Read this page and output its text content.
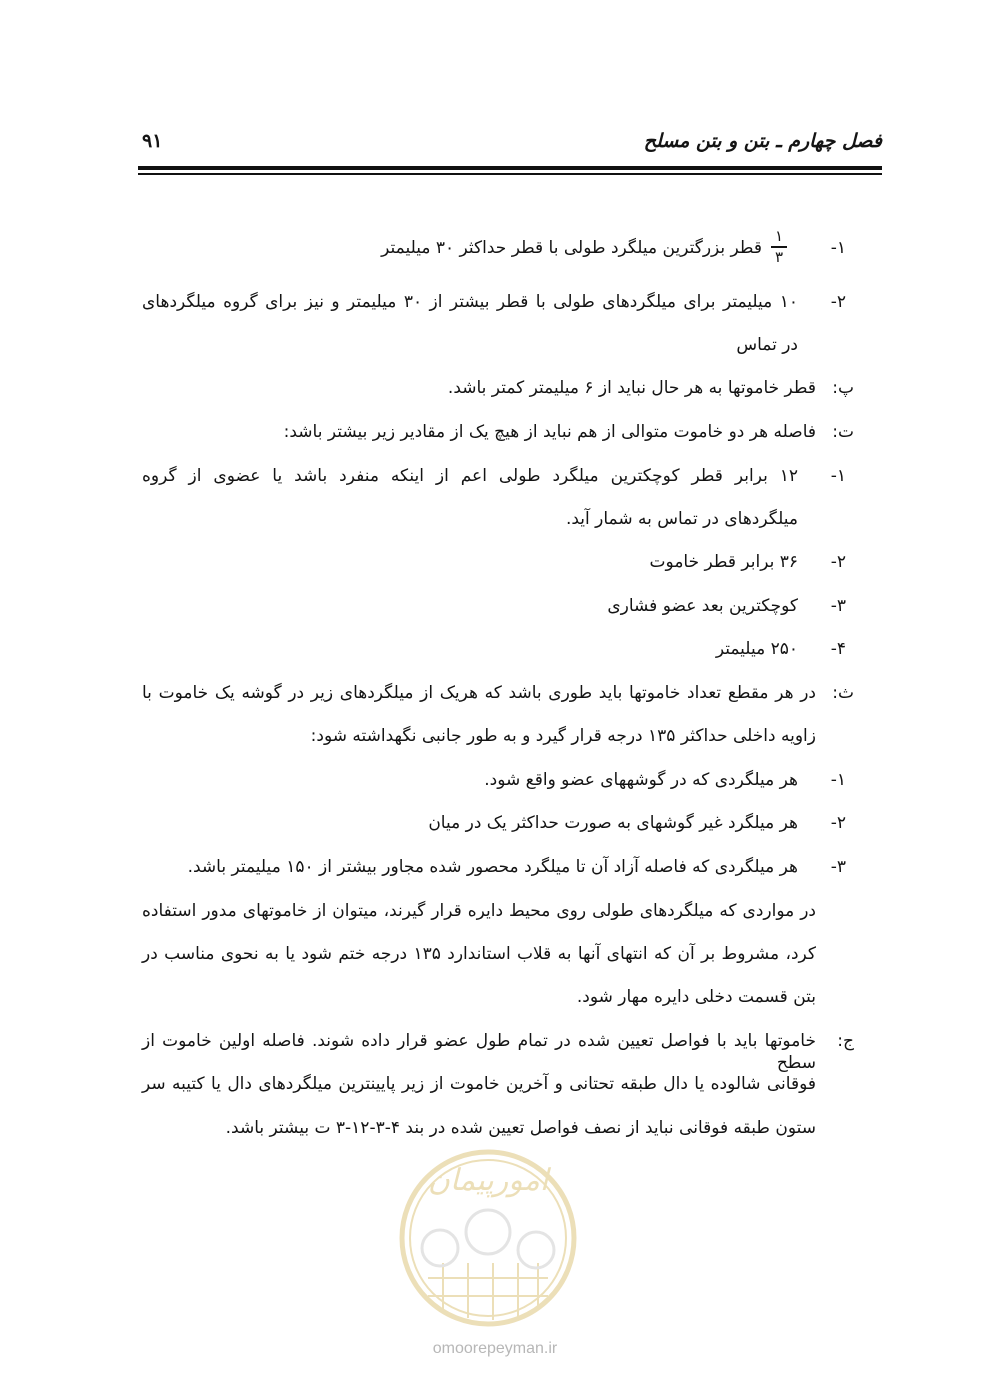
فصل چهارم ـ بتن و بتن مسلح
۹۱
۱-
۱
۳
قطر بزرگترین میلگرد طولی با قطر حداکثر ۳۰ میلیمتر
۲-
۱۰ میلیمتر برای میلگردهای طولی با قطر بیشتر از ۳۰ میلیمتر و نیز برای گروه میلگردهای
در تماس
پ:
قطر خاموتها به هر حال نباید از ۶ میلیمتر کمتر باشد.
ت:
فاصله هر دو خاموت متوالی از هم نباید از هیچ یک از مقادیر زیر بیشتر باشد:
۱-
۱۲ برابر قطر کوچکترین میلگرد طولی اعم از اینکه منفرد باشد یا عضوی از گروه
میلگردهای در تماس به شمار آید.
۲-
۳۶ برابر قطر خاموت
۳-
کوچکترین بعد عضو فشاری
۴-
۲۵۰ میلیمتر
ث:
در هر مقطع تعداد خاموتها باید طوری باشد که هریک از میلگردهای زیر در گوشه یک خاموت با
زاویه داخلی حداکثر ۱۳۵ درجه قرار گیرد و به طور جانبی نگهداشته شود:
۱-
هر میلگردی که در گوشههای عضو واقع شود.
۲-
هر میلگرد غیر گوشهای به صورت حداکثر یک در میان
۳-
هر میلگردی که فاصله آزاد آن تا میلگرد محصور شده مجاور بیشتر از ۱۵۰ میلیمتر باشد.
در مواردی که میلگردهای طولی روی محیط دایره قرار گیرند، میتوان از خاموتهای مدور استفاده
کرد، مشروط بر آن که انتهای آنها به قلاب استاندارد ۱۳۵ درجه ختم شود یا به نحوی مناسب در
بتن قسمت دخلی دایره مهار شود.
ج:
خاموتها باید با فواصل تعیین شده در تمام طول عضو قرار داده شوند. فاصله اولین خاموت از سطح
فوقانی شالوده یا دال طبقه تحتانی و آخرین خاموت از زیر پایینترین میلگردهای دال یا کتیبه سر
ستون طبقه فوقانی نباید از نصف فواصل تعیین شده در بند ۴-۳-۱۲-۳ ت بیشتر باشد.
امورپیمان
omoorepeyman.ir
